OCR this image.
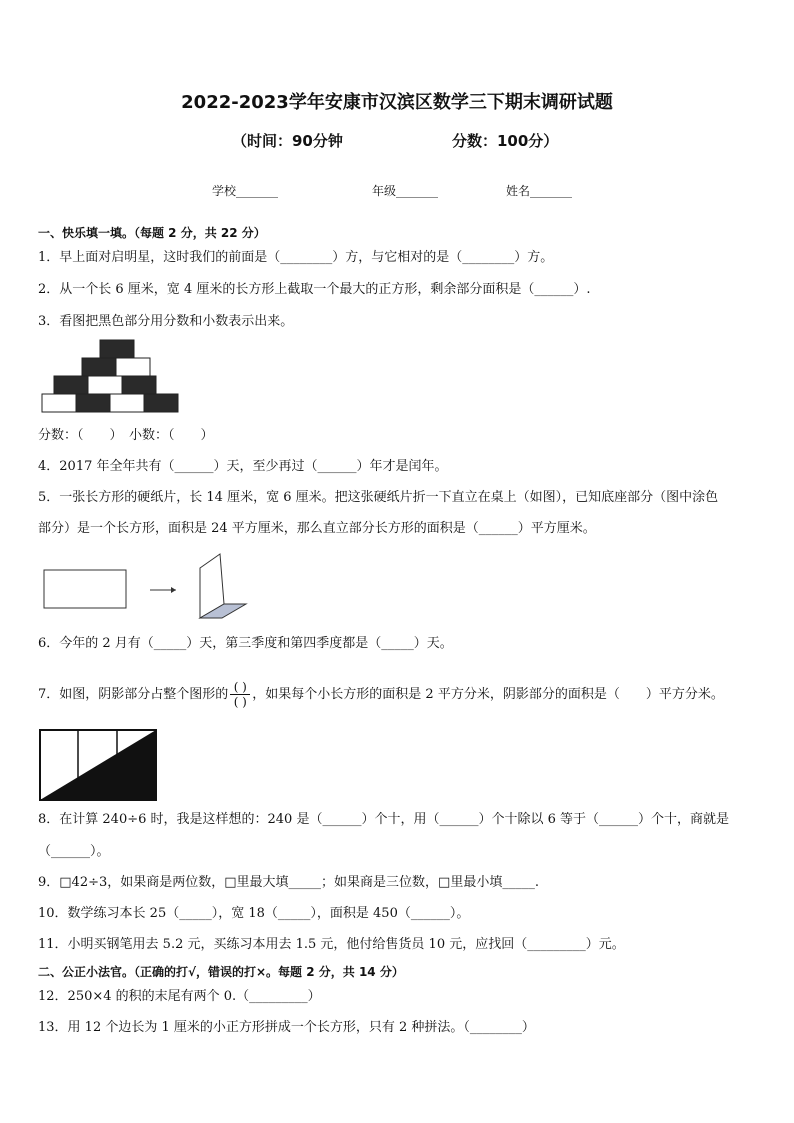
2022-2023学年安康市汉滨区数学三下期末调研试题
（时间：90分钟	分数：100分）
学校_______	年级_______	姓名_______
一、快乐填一填。（每题 2 分，共 22 分）
1．早上面对启明星，这时我们的前面是（________）方，与它相对的是（________）方。
2．从一个长 6 厘米，宽 4 厘米的长方形上截取一个最大的正方形，剩余部分面积是（______）.
3．看图把黑色部分用分数和小数表示出来。
分数：（　　）　小数：（　　）
4．2017 年全年共有（______）天，至少再过（______）年才是闰年。
5．一张长方形的硬纸片，长 14 厘米，宽 6 厘米。把这张硬纸片折一下直立在桌上（如图），已知底座部分（图中涂色
部分）是一个长方形，面积是 24 平方厘米，那么直立部分长方形的面积是（______）平方厘米。
6．今年的 2 月有（_____）天，第三季度和第四季度都是（_____）天。
7．如图，阴影部分占整个图形的 $\frac{( )}{( )}$ ，如果每个小长方形的面积是 2 平方分米，阴影部分的面积是（　　）平方分米。
8．在计算 240÷6 时，我是这样想的：240 是（______）个十，用（______）个十除以 6 等于（______）个十，商就是
（______）。
9．□42÷3，如果商是两位数，□里最大填_____；如果商是三位数，□里最小填_____.
10．数学练习本长 25（_____），宽 18（_____），面积是 450（______）。
11．小明买钢笔用去 5.2 元，买练习本用去 1.5 元，他付给售货员 10 元，应找回（_________）元。
二、公正小法官。（正确的打√，错误的打×。每题 2 分，共 14 分）
12．250×4 的积的末尾有两个 0.（_________）
13．用 12 个边长为 1 厘米的小正方形拼成一个长方形，只有 2 种拼法。（________）
